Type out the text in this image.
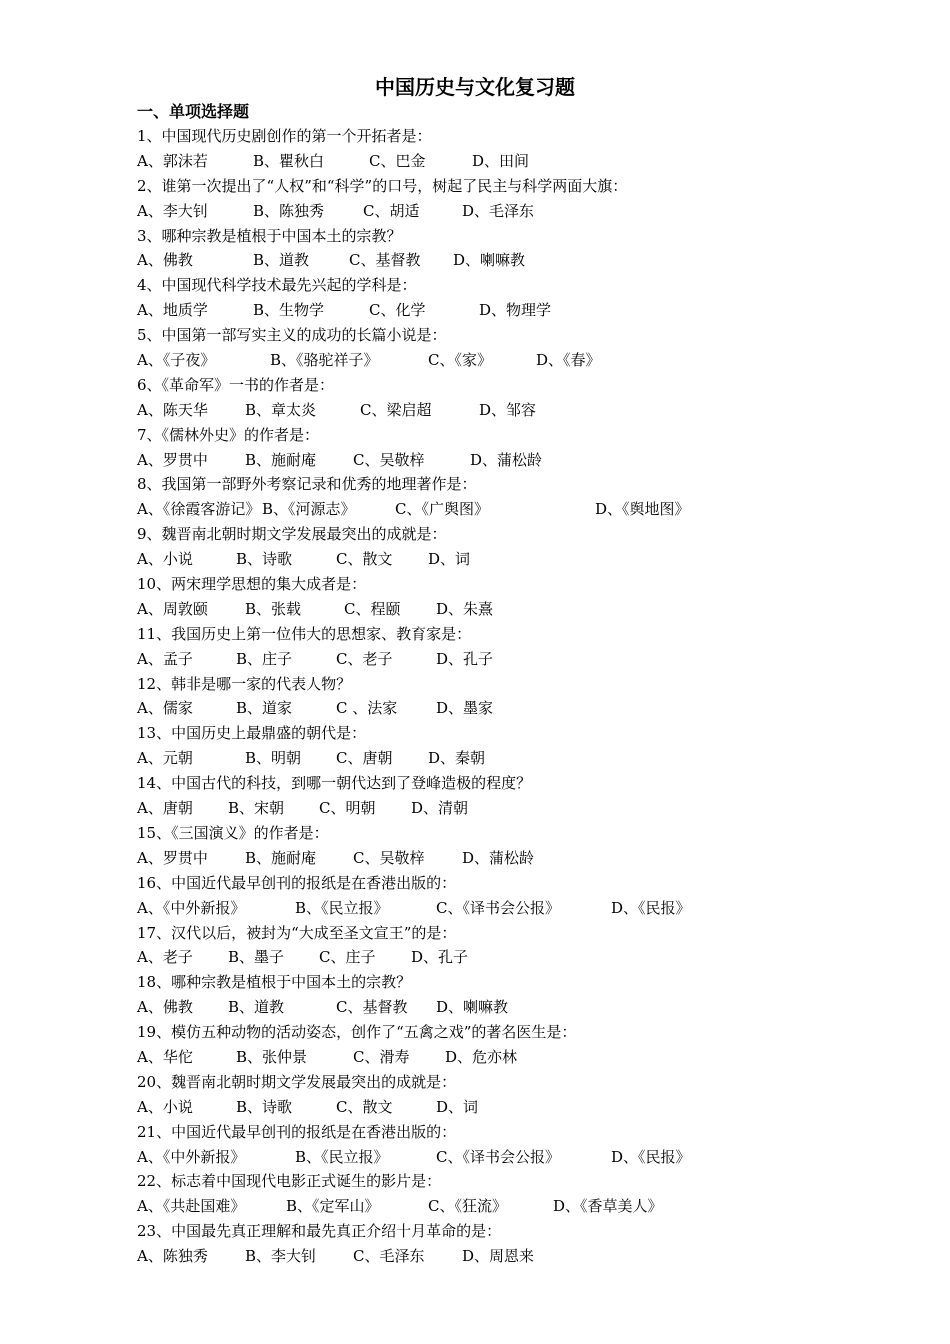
中国历史与文化复习题
一、单项选择题
1、中国现代历史剧创作的第一个开拓者是：
A、郭沫若	B、瞿秋白	C、巴金	D、田间
2、谁第一次提出了“人权”和“科学”的口号，树起了民主与科学两面大旗：
A、李大钊	B、陈独秀	C、胡适	D、毛泽东
3、哪种宗教是植根于中国本土的宗教？
A、佛教	B、道教	C、基督教 D、喇嘛教
4、中国现代科学技术最先兴起的学科是：
A、地质学	B、生物学	C、化学	D、物理学
5、中国第一部写实主义的成功的长篇小说是：
A、《子夜》	B、《骆驼祥子》	C、《家》	D、《春》
6、《革命军》一书的作者是：
A、陈天华 B、章太炎	C、梁启超	D、邹容
7、《儒林外史》的作者是：
A、罗贯中 B、施耐庵 C、吴敬梓	D、蒲松龄
8、我国第一部野外考察记录和优秀的地理著作是：
A、《徐霞客游记》 B、《河源志》	C、《广舆图》	D、《舆地图》
9、魏晋南北朝时期文学发展最突出的成就是：
A、小说	B、诗歌	C、散文 D、词
10、两宋理学思想的集大成者是：
A、周敦颐 B、张载	C、程颐 D、朱熹
11、我国历史上第一位伟大的思想家、教育家是：
A、孟子	B、庄子	C、老子	D、孔子
12、韩非是哪一家的代表人物？
A、儒家	B、道家	C 、法家	D、墨家
13、中国历史上最鼎盛的朝代是：
A、元朝	B、明朝 C、唐朝 D、秦朝
14、中国古代的科技，到哪一朝代达到了登峰造极的程度？
A、唐朝 B、宋朝 C、明朝 D、清朝
15、《三国演义》的作者是：
A、罗贯中 B、施耐庵 C、吴敬梓	D、蒲松龄
16、中国近代最早创刊的报纸是在香港出版的：
A、《中外新报》	B、《民立报》	C、《译书会公报》	D、《民报》
17、汉代以后，被封为“大成至圣文宣王”的是：
A、老子 B、墨子 C、庄子 D、孔子
18、哪种宗教是植根于中国本土的宗教？
A、佛教 B、道教	C、基督教 D、喇嘛教
19、模仿五种动物的活动姿态，创作了“五禽之戏”的著名医生是：
A、华佗	B、张仲景	C、滑寿 D、危亦林
20、魏晋南北朝时期文学发展最突出的成就是：
A、小说	B、诗歌	C、散文	D、词
21、中国近代最早创刊的报纸是在香港出版的：
A、《中外新报》	B、《民立报》	C、《译书会公报》	D、《民报》
22、标志着中国现代电影正式诞生的影片是：
A、《共赴国难》	B、《定军山》	C、《狂流》	D、《香草美人》
23、中国最先真正理解和最先真正介绍十月革命的是：
A、陈独秀 B、李大钊 C、毛泽东	D、周恩来
